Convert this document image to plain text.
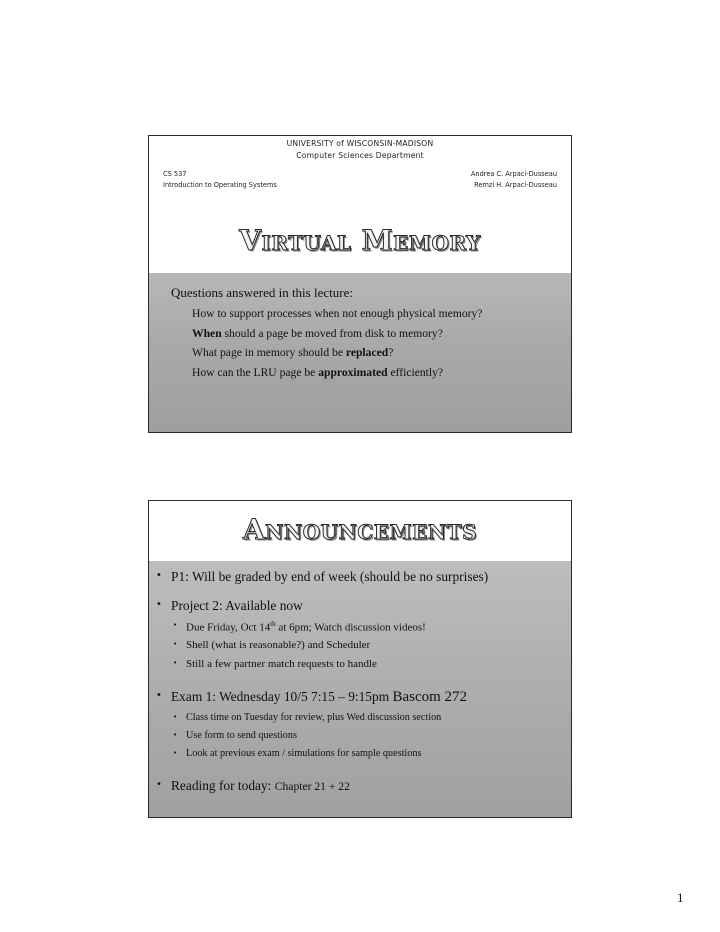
UNIVERSITY of WISCONSIN-MADISON
Computer Sciences Department
CS 537
Introduction to Operating Systems
Andrea C. Arpaci-Dusseau
Remzi H. Arpaci-Dusseau
Virtual Memory
Questions answered in this lecture:
How to support processes when not enough physical memory?
When should a page be moved from disk to memory?
What page in memory should be replaced?
How can the LRU page be approximated efficiently?
Announcements
• P1: Will be graded by end of week (should be no surprises)
• Project 2: Available now
• Due Friday, Oct 14th at 6pm; Watch discussion videos!
• Shell (what is reasonable?) and Scheduler
• Still a few partner match requests to handle
• Exam 1: Wednesday 10/5 7:15 – 9:15pm Bascom 272
• Class time on Tuesday for review, plus Wed discussion section
• Use form to send questions
• Look at previous exam / simulations for sample questions
• Reading for today: Chapter 21 + 22
1
